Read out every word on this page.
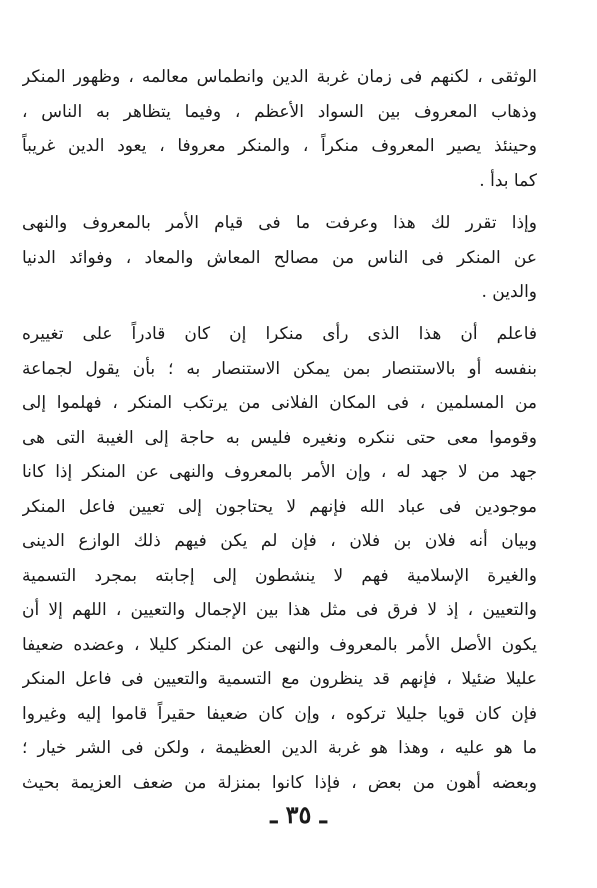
الوثقى ، لكنهم فى زمان غربة الدين وانطماس معالمه ، وظهور المنكر
وذهاب المعروف بين السواد الأعظم ، وفيما يتظاهر به الناس ،
وحينئذ يصير المعروف منكراً ، والمنكر معروفا ، يعود الدين غريباً
كما بدأ .
وإذا تقرر لك هذا وعرفت ما فى قيام الأمر بالمعروف والنهى
عن المنكر فى الناس من مصالح المعاش والمعاد ، وفوائد الدنيا
والدين .
فاعلم أن هذا الذى رأى منكرا إن كان قادراً على تغييره
بنفسه أو بالاستنصار بمن يمكن الاستنصار به ؛ بأن يقول لجماعة
من المسلمين ، فى المكان الفلانى من يرتكب المنكر ، فهلموا إلى
وقوموا معى حتى ننكره ونغيره فليس به حاجة إلى الغيبة التى هى
جهد من لا جهد له ، وإن الأمر بالمعروف والنهى عن المنكر إذا كانا
موجودين فى عباد الله فإنهم لا يحتاجون إلى تعيين فاعل المنكر
وبيان أنه فلان بن فلان ، فإن لم يكن فيهم ذلك الوازع الدينى
والغيرة الإسلامية فهم لا ينشطون إلى إجابته بمجرد التسمية
والتعيين ، إذ لا فرق فى مثل هذا بين الإجمال والتعيين ، اللهم إلا أن
يكون الأصل الأمر بالمعروف والنهى عن المنكر كليلا ، وعضده ضعيفا
عليلا ضئيلا ، فإنهم قد ينظرون مع التسمية والتعيين فى فاعل المنكر
فإن كان قويا جليلا تركوه ، وإن كان ضعيفا حقيراً قاموا إليه وغيروا
ما هو عليه ، وهذا هو غربة الدين العظيمة ، ولكن فى الشر خيار ؛
وبعضه أهون من بعض ، فإذا كانوا بمنزلة من ضعف العزيمة بحيث
ـ ٣٥ ـ
